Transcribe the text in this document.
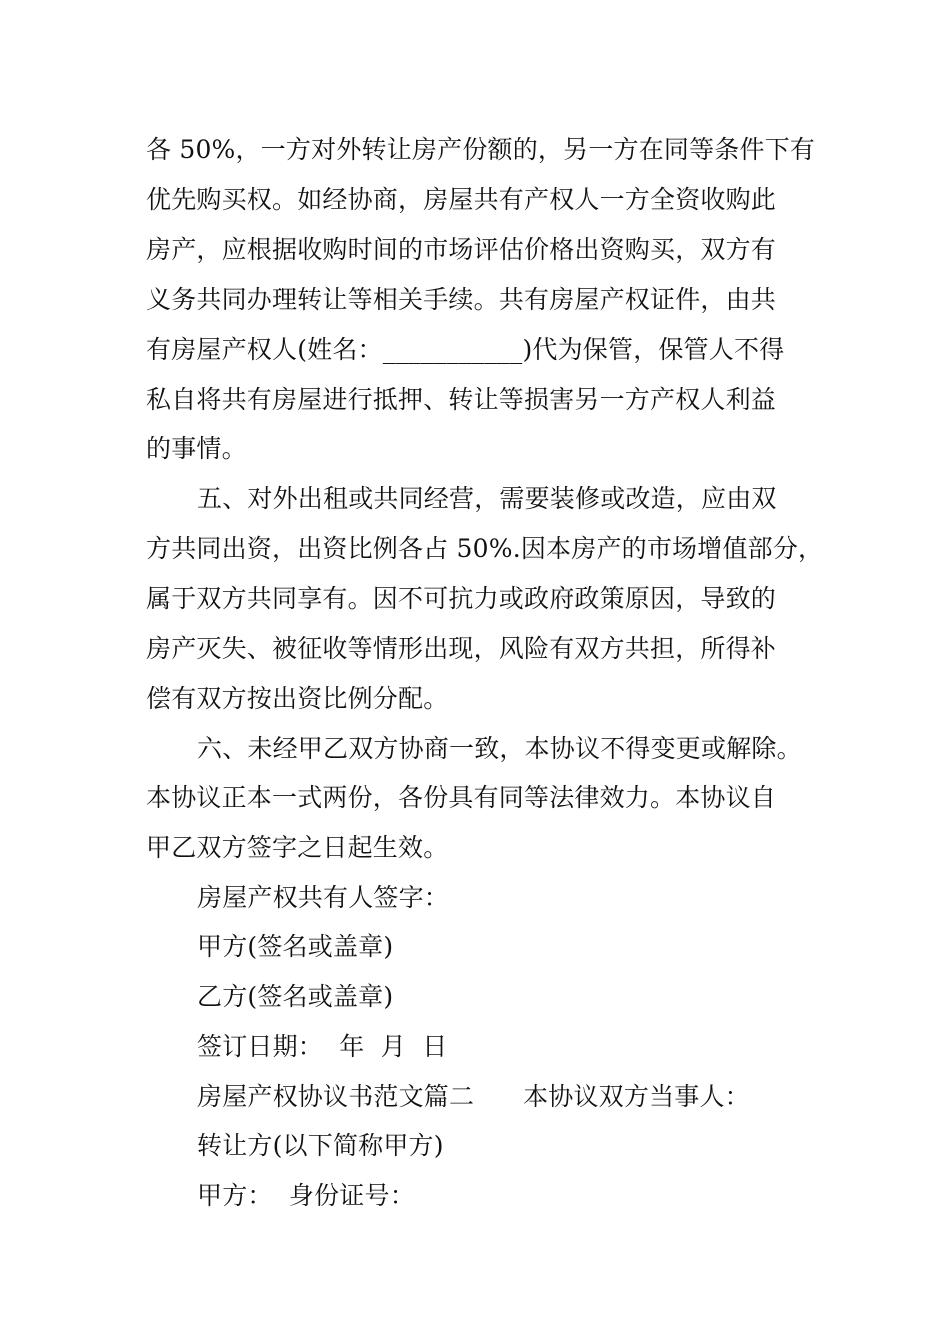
各 50%，一方对外转让房产份额的，另一方在同等条件下有
优先购买权。如经协商，房屋共有产权人一方全资收购此
房产，应根据收购时间的市场评估价格出资购买，双方有
义务共同办理转让等相关手续。共有房屋产权证件，由共
有房屋产权人(姓名：___________)代为保管，保管人不得
私自将共有房屋进行抵押、转让等损害另一方产权人利益
的事情。
五、对外出租或共同经营，需要装修或改造，应由双
方共同出资，出资比例各占 50%.因本房产的市场增值部分，
属于双方共同享有。因不可抗力或政府政策原因，导致的
房产灭失、被征收等情形出现，风险有双方共担，所得补
偿有双方按出资比例分配。
六、未经甲乙双方协商一致，本协议不得变更或解除。
本协议正本一式两份，各份具有同等法律效力。本协议自
甲乙双方签字之日起生效。
房屋产权共有人签字：
甲方(签名或盖章)
乙方(签名或盖章)
签订日期：  年  月  日
房屋产权协议书范文篇二      本协议双方当事人：
转让方(以下简称甲方)
甲方：  身份证号：
